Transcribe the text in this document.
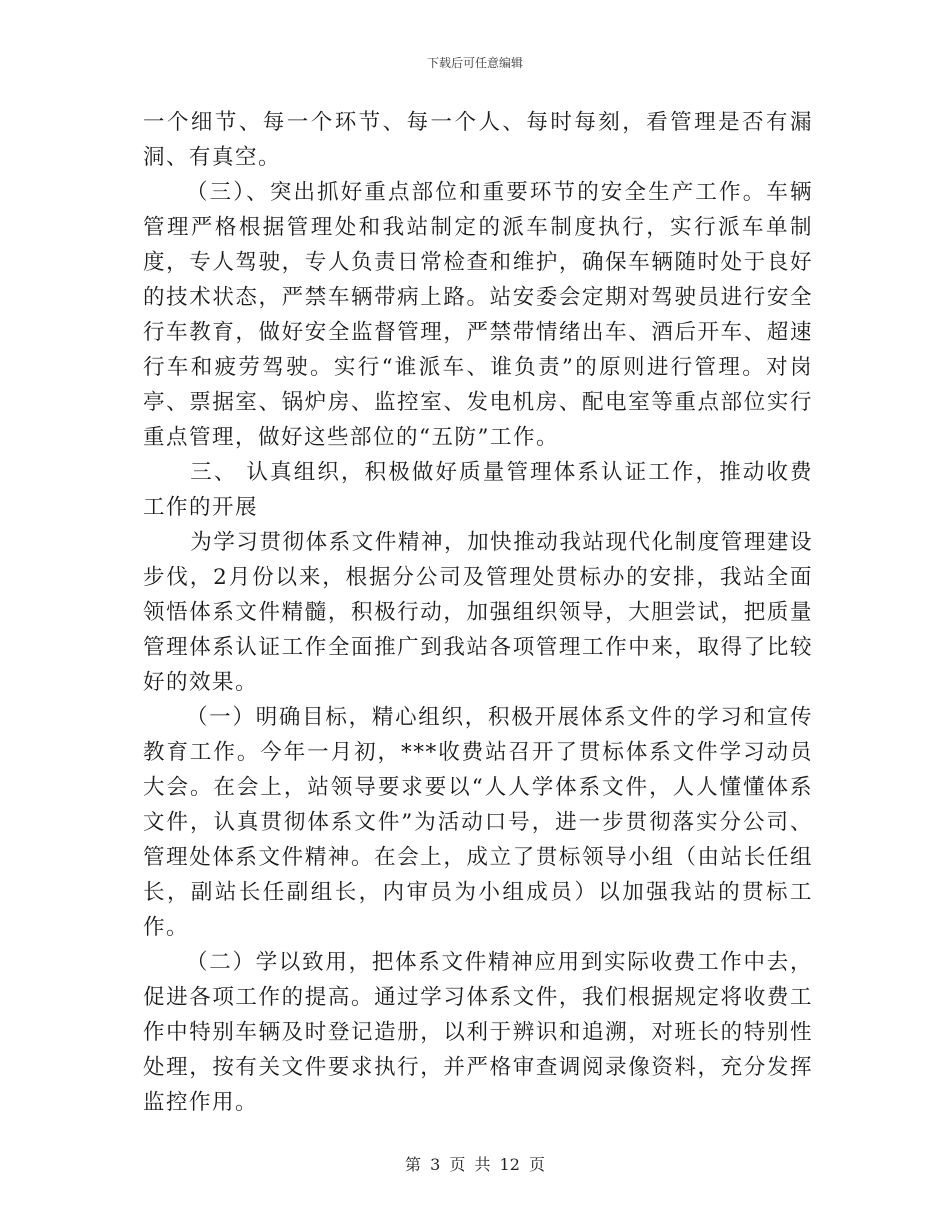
下载后可任意编辑

一个细节、每一个环节、每一个人、每时每刻，看管理是否有漏洞、有真空。

（三）、突出抓好重点部位和重要环节的安全生产工作。车辆管理严格根据管理处和我站制定的派车制度执行，实行派车单制度，专人驾驶，专人负责日常检查和维护，确保车辆随时处于良好的技术状态，严禁车辆带病上路。站安委会定期对驾驶员进行安全行车教育，做好安全监督管理，严禁带情绪出车、酒后开车、超速行车和疲劳驾驶。实行“谁派车、谁负责”的原则进行管理。对岗亭、票据室、锅炉房、监控室、发电机房、配电室等重点部位实行重点管理，做好这些部位的“五防”工作。

三、 认真组织，积极做好质量管理体系认证工作，推动收费工作的开展

为学习贯彻体系文件精神，加快推动我站现代化制度管理建设步伐，2月份以来，根据分公司及管理处贯标办的安排，我站全面领悟体系文件精髓，积极行动，加强组织领导，大胆尝试，把质量管理体系认证工作全面推广到我站各项管理工作中来，取得了比较好的效果。

（一）明确目标，精心组织，积极开展体系文件的学习和宣传教育工作。今年一月初，***收费站召开了贯标体系文件学习动员大会。在会上，站领导要求要以“人人学体系文件，人人懂懂体系文件，认真贯彻体系文件”为活动口号，进一步贯彻落实分公司、管理处体系文件精神。在会上，成立了贯标领导小组（由站长任组长，副站长任副组长，内审员为小组成员）以加强我站的贯标工作。

（二）学以致用，把体系文件精神应用到实际收费工作中去，促进各项工作的提高。通过学习体系文件，我们根据规定将收费工作中特别车辆及时登记造册，以利于辨识和追溯，对班长的特别性处理，按有关文件要求执行，并严格审查调阅录像资料，充分发挥监控作用。

第 3 页 共 12 页
